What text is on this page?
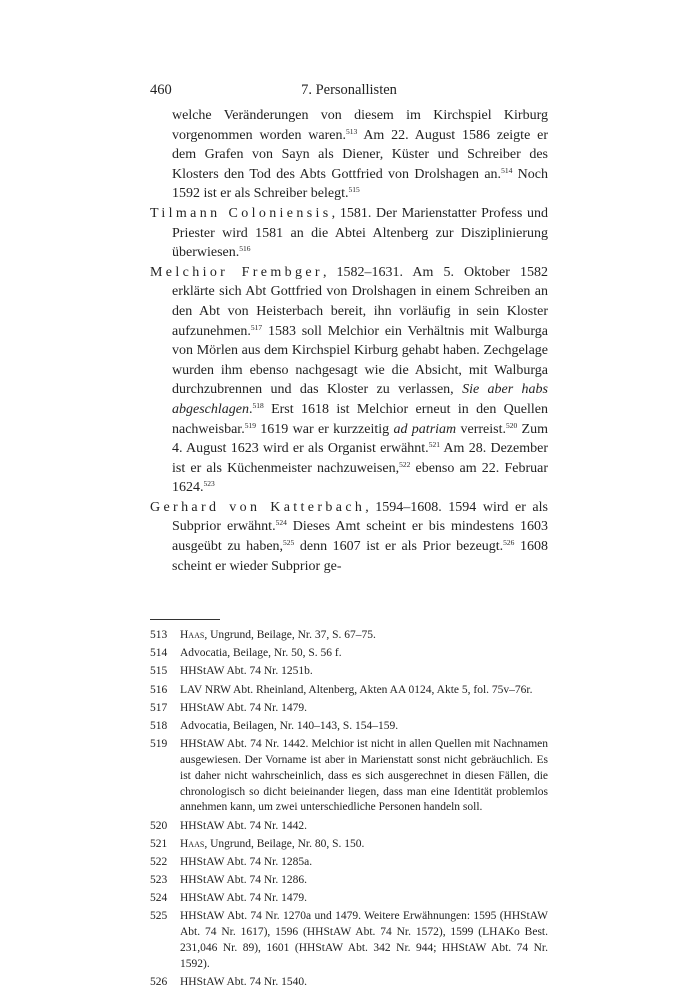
7. Personallisten
460

welche Veränderungen von diesem im Kirchspiel Kirburg vorgenommen worden waren.$^{513}$ Am 22. August 1586 zeigte er dem Grafen von Sayn als Diener, Küster und Schreiber des Klosters den Tod des Abts Gottfried von Drolshagen an.$^{514}$ Noch 1592 ist er als Schreiber belegt.$^{515}$

Tilmann Coloniensis, 1581. Der Marienstatter Profess und Priester wird 1581 an die Abtei Altenberg zur Disziplinierung überwiesen.$^{516}$

Melchior Frembger, 1582–1631. Am 5. Oktober 1582 erklärte sich Abt Gottfried von Drolshagen in einem Schreiben an den Abt von Heisterbach bereit, ihn vorläufig in sein Kloster aufzunehmen.$^{517}$ 1583 soll Melchior ein Verhältnis mit Walburga von Mörlen aus dem Kirchspiel Kirburg gehabt haben. Zechgelage wurden ihm ebenso nachgesagt wie die Absicht, mit Walburga durchzubrennen und das Kloster zu verlassen, Sie aber habs abgeschlagen.$^{518}$ Erst 1618 ist Melchior erneut in den Quellen nachweisbar.$^{519}$ 1619 war er kurzzeitig ad patriam verreist.$^{520}$ Zum 4. August 1623 wird er als Organist erwähnt.$^{521}$ Am 28. Dezember ist er als Küchenmeister nachzuweisen,$^{522}$ ebenso am 22. Februar 1624.$^{523}$

Gerhard von Katterbach, 1594–1608. 1594 wird er als Subprior erwähnt.$^{524}$ Dieses Amt scheint er bis mindestens 1603 ausgeübt zu haben,$^{525}$ denn 1607 ist er als Prior bezeugt.$^{526}$ 1608 scheint er wieder Subprior ge-

513 Haas, Ungrund, Beilage, Nr. 37, S. 67–75.
514 Advocatia, Beilage, Nr. 50, S. 56 f.
515 HHStAW Abt. 74 Nr. 1251b.
516 LAV NRW Abt. Rheinland, Altenberg, Akten AA 0124, Akte 5, fol. 75v–76r.
517 HHStAW Abt. 74 Nr. 1479.
518 Advocatia, Beilagen, Nr. 140–143, S. 154–159.
519 HHStAW Abt. 74 Nr. 1442. Melchior ist nicht in allen Quellen mit Nachnamen ausgewiesen. Der Vorname ist aber in Marienstatt sonst nicht gebräuchlich. Es ist daher nicht wahrscheinlich, dass es sich ausgerechnet in diesen Fällen, die chronologisch so dicht beieinander liegen, dass man eine Identität problemlos annehmen kann, um zwei unterschiedliche Personen handeln soll.
520 HHStAW Abt. 74 Nr. 1442.
521 Haas, Ungrund, Beilage, Nr. 80, S. 150.
522 HHStAW Abt. 74 Nr. 1285a.
523 HHStAW Abt. 74 Nr. 1286.
524 HHStAW Abt. 74 Nr. 1479.
525 HHStAW Abt. 74 Nr. 1270a und 1479. Weitere Erwähnungen: 1595 (HHStAW Abt. 74 Nr. 1617), 1596 (HHStAW Abt. 74 Nr. 1572), 1599 (LHAKo Best. 231,046 Nr. 89), 1601 (HHStAW Abt. 342 Nr. 944; HHStAW Abt. 74 Nr. 1592).
526 HHStAW Abt. 74 Nr. 1540.
